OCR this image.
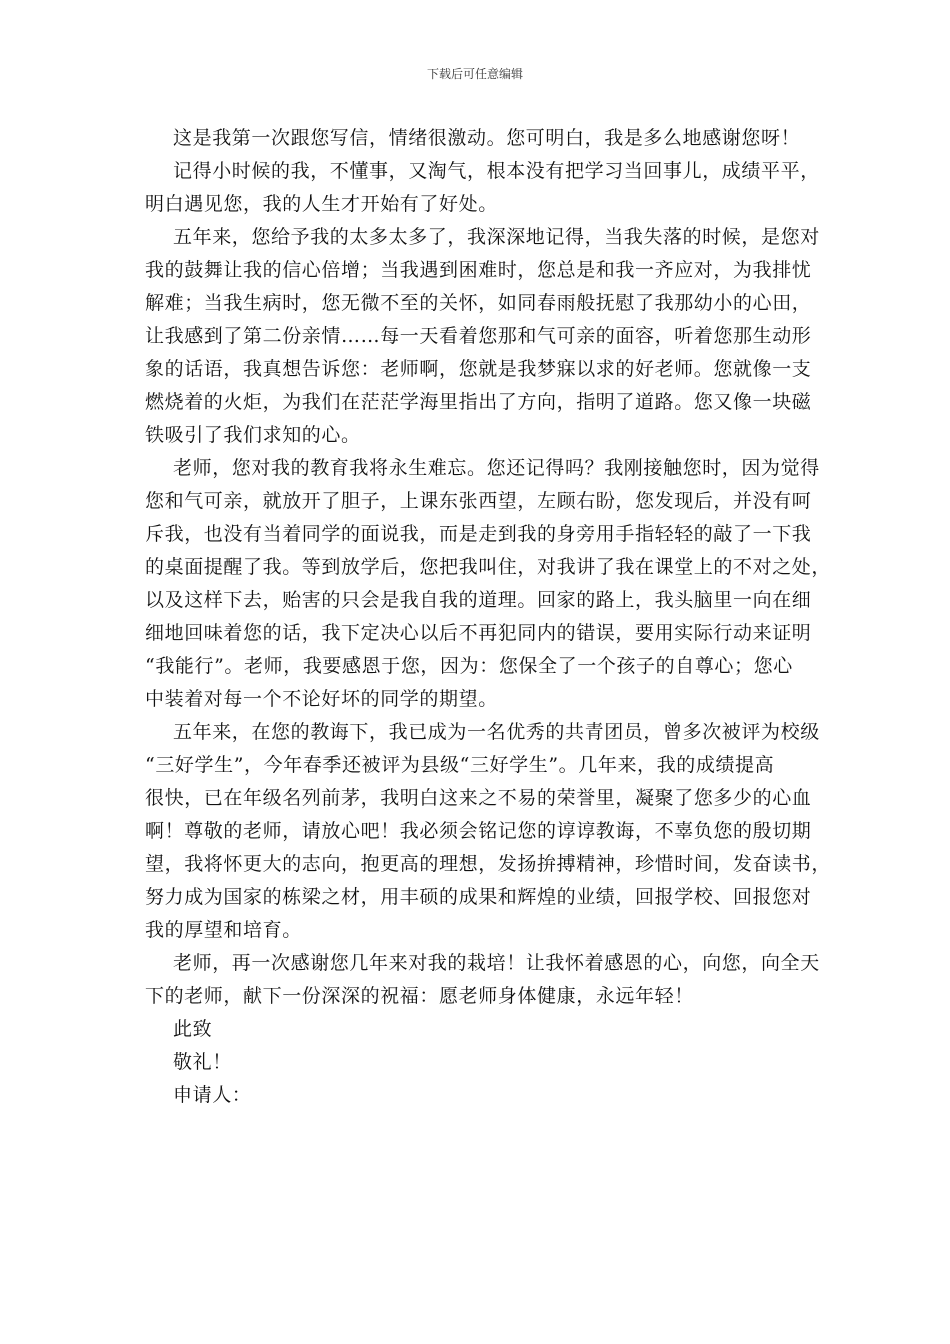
下载后可任意编辑
这是我第一次跟您写信，情绪很激动。您可明白，我是多么地感谢您呀！
记得小时候的我，不懂事，又淘气，根本没有把学习当回事儿，成绩平平，
明白遇见您，我的人生才开始有了好处。
五年来，您给予我的太多太多了，我深深地记得，当我失落的时候，是您对
我的鼓舞让我的信心倍增；当我遇到困难时，您总是和我一齐应对，为我排忧
解难；当我生病时，您无微不至的关怀，如同春雨般抚慰了我那幼小的心田，
让我感到了第二份亲情……每一天看着您那和气可亲的面容，听着您那生动形
象的话语，我真想告诉您：老师啊，您就是我梦寐以求的好老师。您就像一支
燃烧着的火炬，为我们在茫茫学海里指出了方向，指明了道路。您又像一块磁
铁吸引了我们求知的心。
老师，您对我的教育我将永生难忘。您还记得吗？我刚接触您时，因为觉得
您和气可亲，就放开了胆子，上课东张西望，左顾右盼，您发现后，并没有呵
斥我，也没有当着同学的面说我，而是走到我的身旁用手指轻轻的敲了一下我
的桌面提醒了我。等到放学后，您把我叫住，对我讲了我在课堂上的不对之处，
以及这样下去，贻害的只会是我自我的道理。回家的路上，我头脑里一向在细
细地回味着您的话，我下定决心以后不再犯同内的错误，要用实际行动来证明
“我能行”。老师，我要感恩于您，因为：您保全了一个孩子的自尊心；您心
中装着对每一个不论好坏的同学的期望。
五年来，在您的教诲下，我已成为一名优秀的共青团员，曾多次被评为校级
“三好学生”，今年春季还被评为县级“三好学生”。几年来，我的成绩提高
很快，已在年级名列前茅，我明白这来之不易的荣誉里，凝聚了您多少的心血
啊！尊敬的老师，请放心吧！我必须会铭记您的谆谆教诲，不辜负您的殷切期
望，我将怀更大的志向，抱更高的理想，发扬拚搏精神，珍惜时间，发奋读书，
努力成为国家的栋梁之材，用丰硕的成果和辉煌的业绩，回报学校、回报您对
我的厚望和培育。
老师，再一次感谢您几年来对我的栽培！让我怀着感恩的心，向您，向全天
下的老师，献下一份深深的祝福：愿老师身体健康，永远年轻！
此致
敬礼！
申请人：
